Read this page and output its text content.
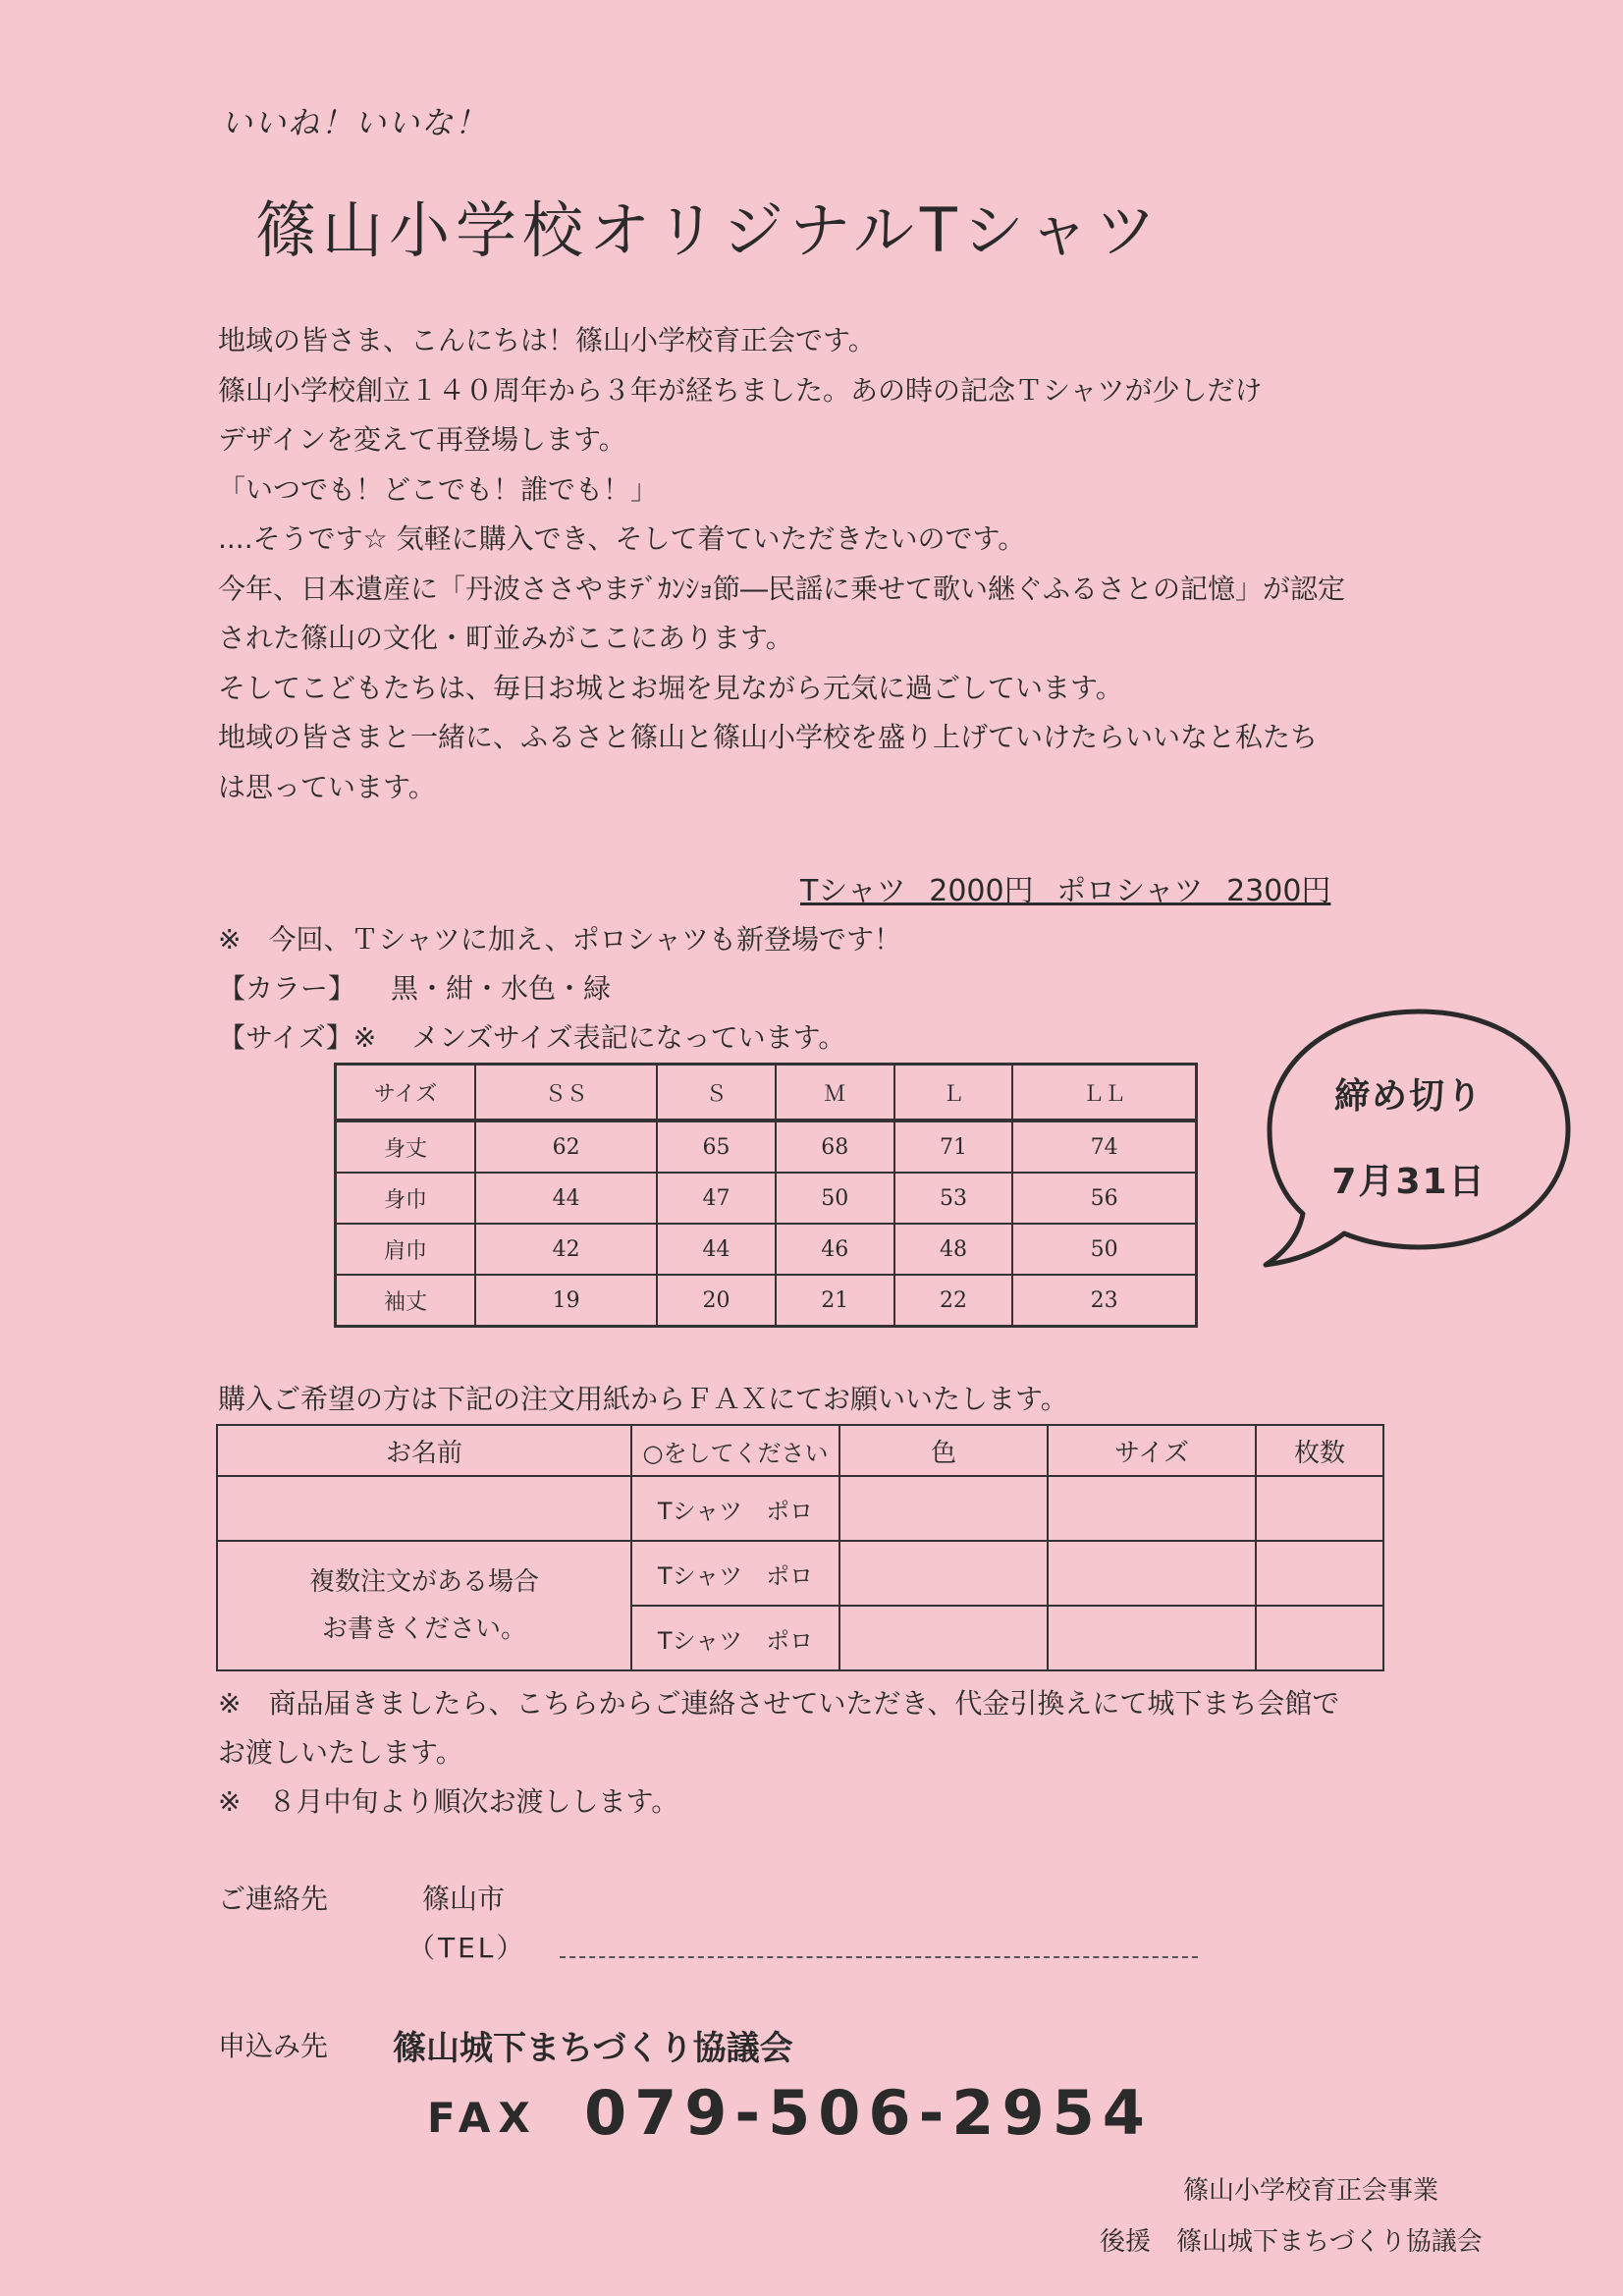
いいね！いいな！
篠山小学校オリジナルTシャツ
地域の皆さま、こんにちは！篠山小学校育正会です。
篠山小学校創立１４０周年から３年が経ちました。あの時の記念Ｔシャツが少しだけ
デザインを変えて再登場します。
「いつでも！どこでも！誰でも！」
....そうです☆ 気軽に購入でき、そして着ていただきたいのです。
今年、日本遺産に「丹波ささやまﾃﾞｶﾝｼｮ節―民謡に乗せて歌い継ぐふるさとの記憶」が認定
された篠山の文化・町並みがここにあります。
そしてこどもたちは、毎日お城とお堀を見ながら元気に過ごしています。
地域の皆さまと一緒に、ふるさと篠山と篠山小学校を盛り上げていけたらいいなと私たち
は思っています。
Tシャツ 2000円 ポロシャツ 2300円
※　今回、Ｔシャツに加え、ポロシャツも新登場です！
【カラー】 黒・紺・水色・緑
【サイズ】※ メンズサイズ表記になっています。
サイズ	ＳＳ	Ｓ	Ｍ	Ｌ	ＬＬ
身丈	62	65	68	71	74
身巾	44	47	50	53	56
肩巾	42	44	46	48	50
袖丈	19	20	21	22	23
締め切り
7月31日
購入ご希望の方は下記の注文用紙からＦＡＸにてお願いいたします。
お名前	○をしてください	色	サイズ	枚数
	Tシャツ　ポロ			

複数注文がある場合
お書きください。	Tシャツ　ポロ			
	Tシャツ　ポロ			
※　商品届きましたら、こちらからご連絡させていただき、代金引換えにて城下まち会館で
お渡しいたします。
※　８月中旬より順次お渡しします。
ご連絡先	篠山市
（TEL）
申込み先 篠山城下まちづくり協議会
FAX 079-506-2954
篠山小学校育正会事業
後援　篠山城下まちづくり協議会
